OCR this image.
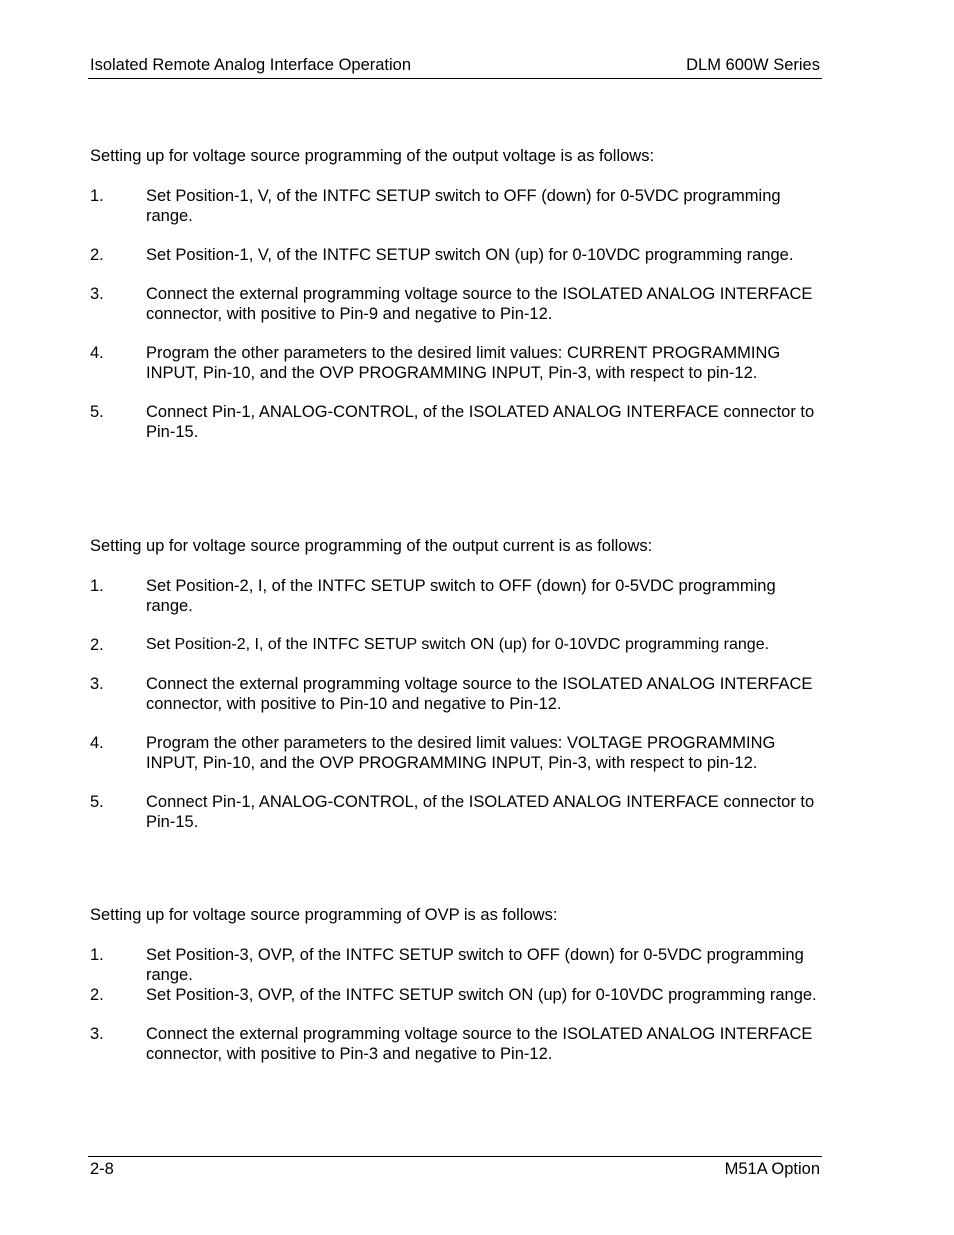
Isolated Remote Analog Interface Operation	DLM 600W Series

Setting up for voltage source programming of the output voltage is as follows:

1.	Set Position-1, V, of the INTFC SETUP switch to OFF (down) for 0-5VDC programming range.
2.	Set Position-1, V, of the INTFC SETUP switch ON (up) for 0-10VDC programming range.
3.	Connect the external programming voltage source to the ISOLATED ANALOG INTERFACE connector, with positive to Pin-9 and negative to Pin-12.
4.	Program the other parameters to the desired limit values: CURRENT PROGRAMMING INPUT, Pin-10, and the OVP PROGRAMMING INPUT, Pin-3, with respect to pin-12.
5.	Connect Pin-1, ANALOG-CONTROL, of the ISOLATED ANALOG INTERFACE connector to Pin-15.

Setting up for voltage source programming of the output current is as follows:

1.	Set Position-2, I, of the INTFC SETUP switch to OFF (down) for 0-5VDC programming range.
2.	Set Position-2, I, of the INTFC SETUP switch ON (up) for 0-10VDC programming range.
3.	Connect the external programming voltage source to the ISOLATED ANALOG INTERFACE connector, with positive to Pin-10 and negative to Pin-12.
4.	Program the other parameters to the desired limit values: VOLTAGE PROGRAMMING INPUT, Pin-10, and the OVP PROGRAMMING INPUT, Pin-3, with respect to pin-12.
5.	Connect Pin-1, ANALOG-CONTROL, of the ISOLATED ANALOG INTERFACE connector to Pin-15.

Setting up for voltage source programming of OVP is as follows:

1.	Set Position-3, OVP, of the INTFC SETUP switch to OFF (down) for 0-5VDC programming range.
2.	Set Position-3, OVP, of the INTFC SETUP switch ON (up) for 0-10VDC programming range.
3.	Connect the external programming voltage source to the ISOLATED ANALOG INTERFACE connector, with positive to Pin-3 and negative to Pin-12.
2-8	M51A Option
